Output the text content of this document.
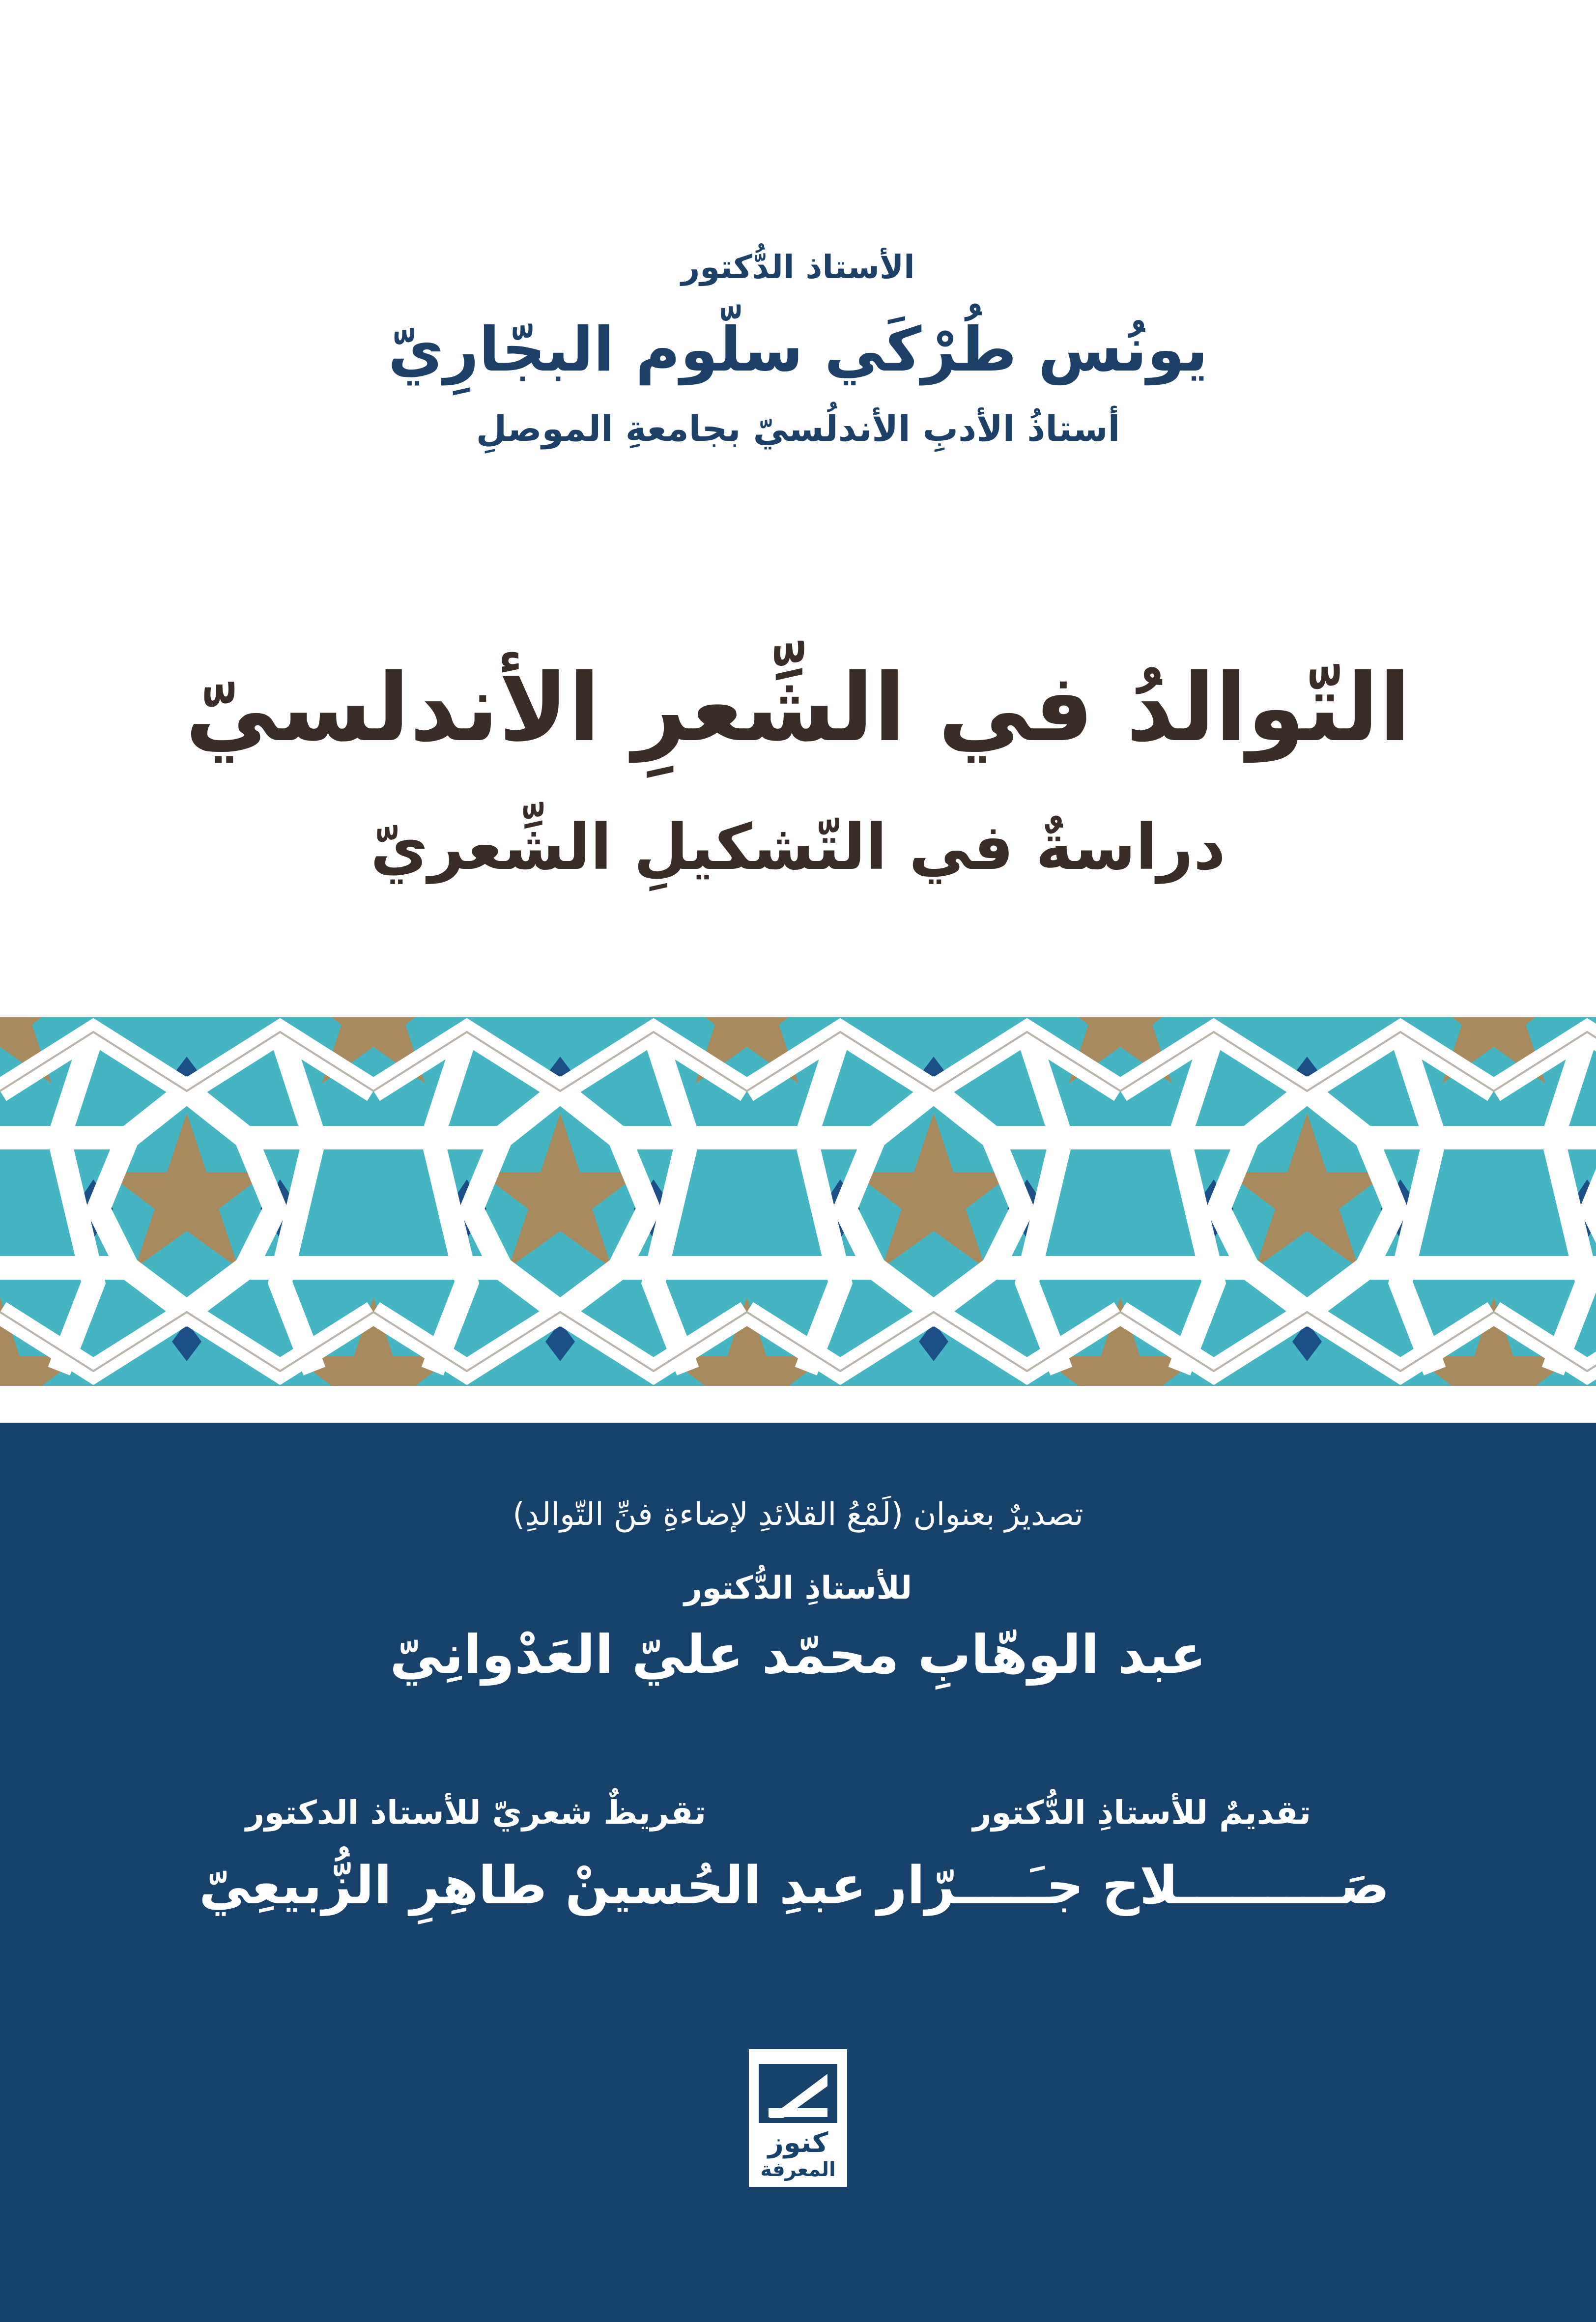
الأستاذ الدُّكتور
يونُس طُرْكَي سلّوم البجّارِيّ
أستاذُ الأدبِ الأندلُسيّ بجامعةِ الموصلِ
التّوالدُ في الشِّعرِ الأندلسيّ
دراسةٌ في التّشكيلِ الشِّعريّ
تصديرٌ بعنوان (لَمْعُ القلائدِ لإضاءةِ فنِّ التّوالدِ)
للأستاذِ الدُّكتور
عبد الوهّابِ محمّد عليّ العَدْوانِيّ
تقديمٌ للأستاذِ الدُّكتور
صَـــــــــلاح جـَــــرّار
تقريظٌ شعريّ للأستاذ الدكتور
عبدِ الحُسينْ طاهِرِ الزُّبيعِيّ
كنوز
المعرفة
